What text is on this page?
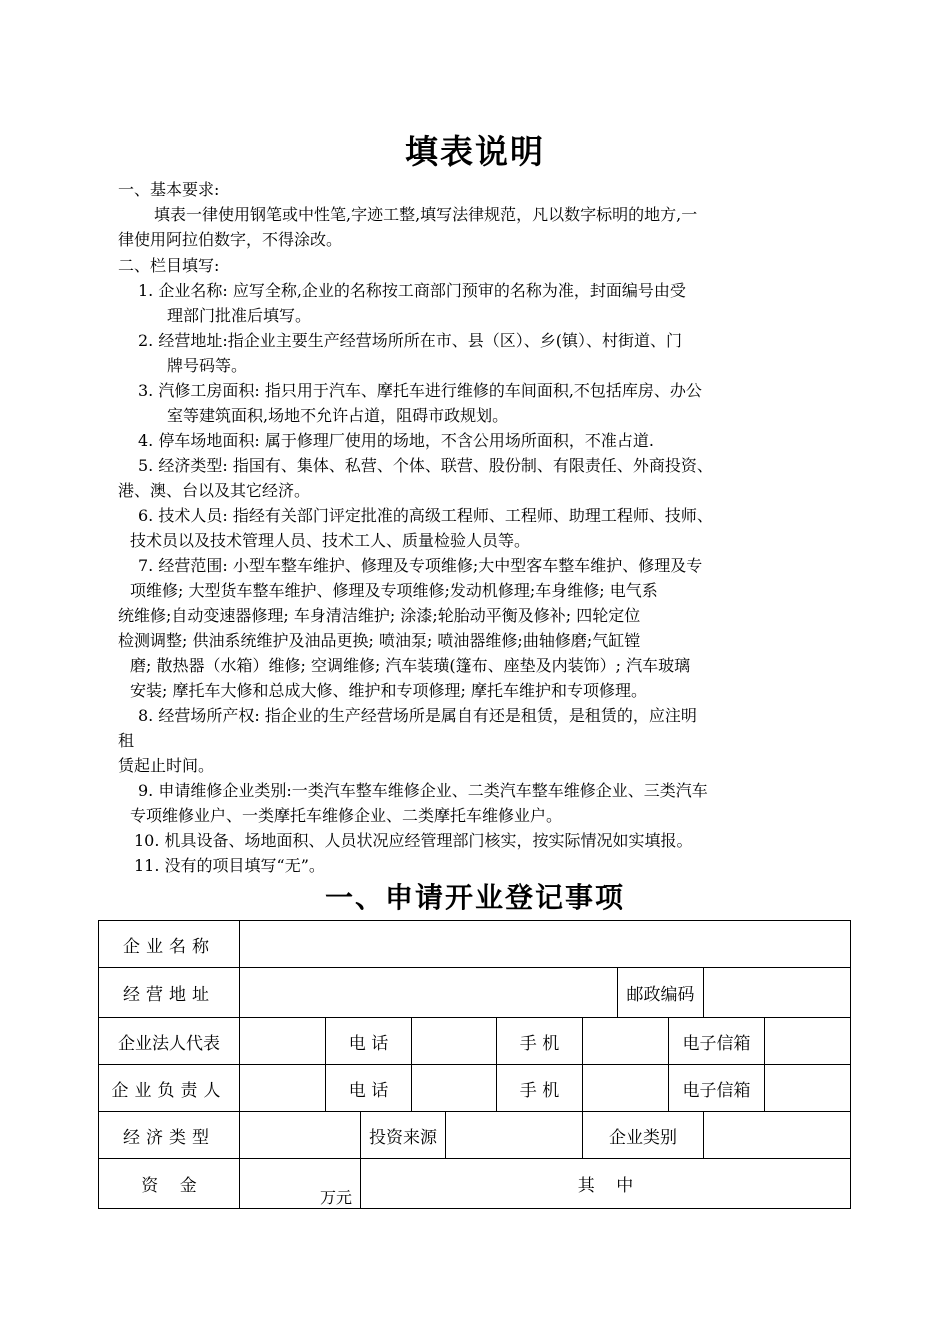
填表说明
一、基本要求:
填表一律使用钢笔或中性笔,字迹工整,填写法律规范，凡以数字标明的地方,一
律使用阿拉伯数字，不得涂改。
二、栏目填写:
1. 企业名称: 应写全称,企业的名称按工商部门预审的名称为准，封面编号由受
理部门批准后填写。
2. 经营地址:指企业主要生产经营场所所在市、县（区）、乡(镇）、村街道、门
牌号码等。
3. 汽修工房面积: 指只用于汽车、摩托车进行维修的车间面积,不包括库房、办公
室等建筑面积,场地不允许占道，阻碍市政规划。
4. 停车场地面积: 属于修理厂使用的场地，不含公用场所面积，不准占道.
5. 经济类型: 指国有、集体、私营、个体、联营、股份制、有限责任、外商投资、
港、澳、台以及其它经济。
6. 技术人员: 指经有关部门评定批准的高级工程师、工程师、助理工程师、技师、
技术员以及技术管理人员、技术工人、质量检验人员等。
7. 经营范围: 小型车整车维护、修理及专项维修;大中型客车整车维护、修理及专
项维修; 大型货车整车维护、修理及专项维修;发动机修理;车身维修; 电气系
统维修;自动变速器修理; 车身清洁维护; 涂漆;轮胎动平衡及修补; 四轮定位
检测调整; 供油系统维护及油品更换; 喷油泵; 喷油器维修;曲轴修磨;气缸镗
磨; 散热器（水箱）维修; 空调维修; 汽车装璜(篷布、座垫及内装饰）; 汽车玻璃
安装; 摩托车大修和总成大修、维护和专项修理; 摩托车维护和专项修理。
8. 经营场所产权: 指企业的生产经营场所是属自有还是租赁，是租赁的，应注明
租
赁起止时间。
9. 申请维修企业类别:一类汽车整车维修企业、二类汽车整车维修企业、三类汽车
专项维修业户、一类摩托车维修企业、二类摩托车维修业户。
10. 机具设备、场地面积、人员状况应经管理部门核实，按实际情况如实填报。
11. 没有的项目填写“无”。
一、申请开业登记事项
企业名称											
经营地址								邮政编码			
企业法人代表		电 话				手 机			电子信箱		
企业负责人		电 话				手 机			电子信箱		
经济类型			投资来源				企业类别				
资    金	万元		其    中								
